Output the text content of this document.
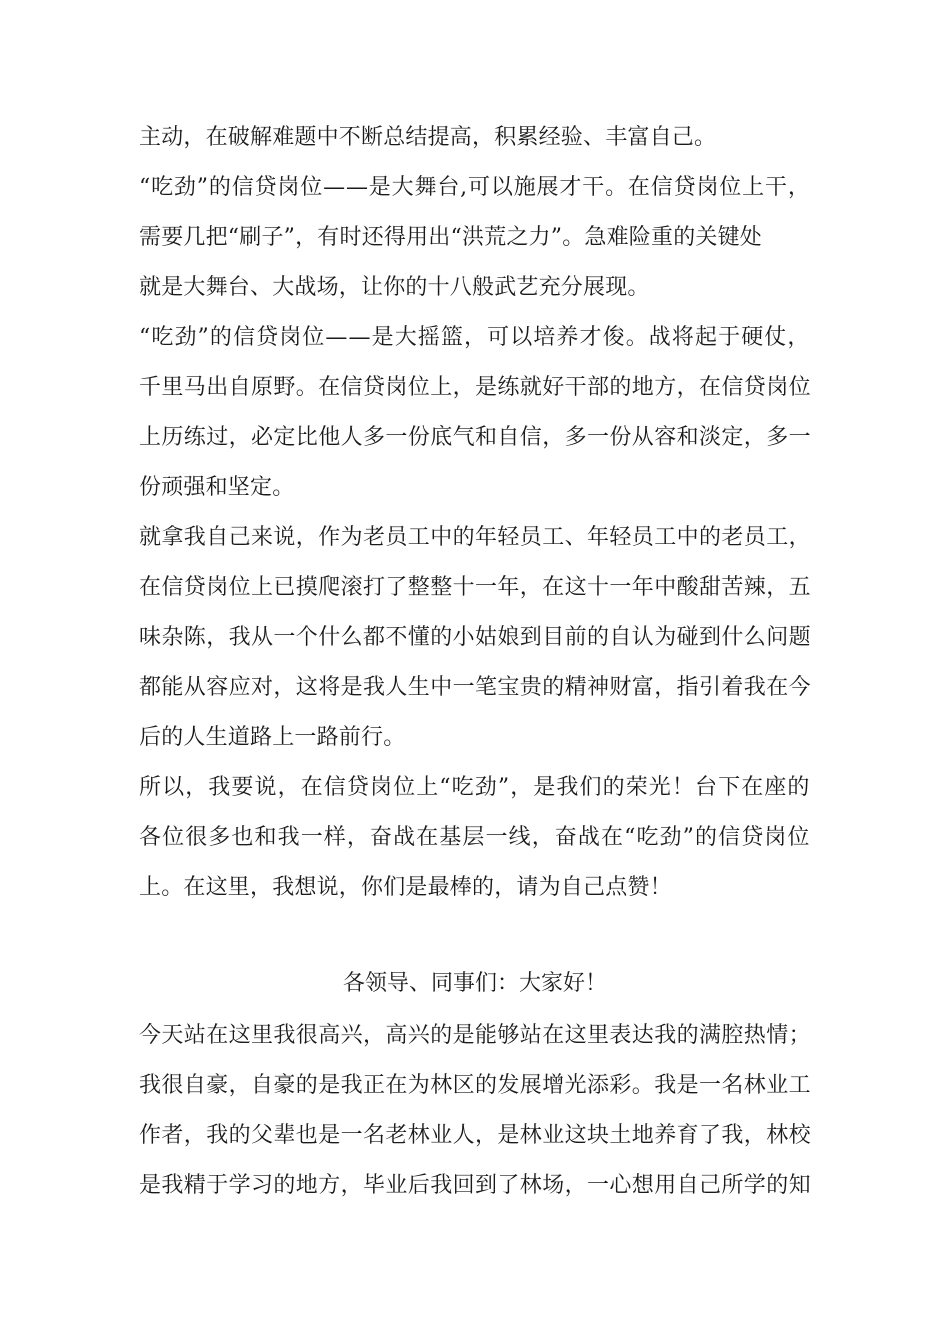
主动，在破解难题中不断总结提高，积累经验、丰富自己。
“吃劲”的信贷岗位——是大舞台,可以施展才干。在信贷岗位上干，
需要几把“刷子”，有时还得用出“洪荒之力”。急难险重的关键处
就是大舞台、大战场，让你的十八般武艺充分展现。
“吃劲”的信贷岗位——是大摇篮，可以培养才俊。战将起于硬仗，
千里马出自原野。在信贷岗位上，是练就好干部的地方，在信贷岗位
上历练过，必定比他人多一份底气和自信，多一份从容和淡定，多一
份顽强和坚定。
就拿我自己来说，作为老员工中的年轻员工、年轻员工中的老员工，
在信贷岗位上已摸爬滚打了整整十一年，在这十一年中酸甜苦辣，五
味杂陈，我从一个什么都不懂的小姑娘到目前的自认为碰到什么问题
都能从容应对，这将是我人生中一笔宝贵的精神财富，指引着我在今
后的人生道路上一路前行。
所以，我要说，在信贷岗位上“吃劲”，是我们的荣光！台下在座的
各位很多也和我一样，奋战在基层一线，奋战在“吃劲”的信贷岗位
上。在这里，我想说，你们是最棒的，请为自己点赞！
各领导、同事们：大家好！
今天站在这里我很高兴，高兴的是能够站在这里表达我的满腔热情；
我很自豪，自豪的是我正在为林区的发展增光添彩。我是一名林业工
作者，我的父辈也是一名老林业人，是林业这块土地养育了我，林校
是我精于学习的地方，毕业后我回到了林场，一心想用自己所学的知
